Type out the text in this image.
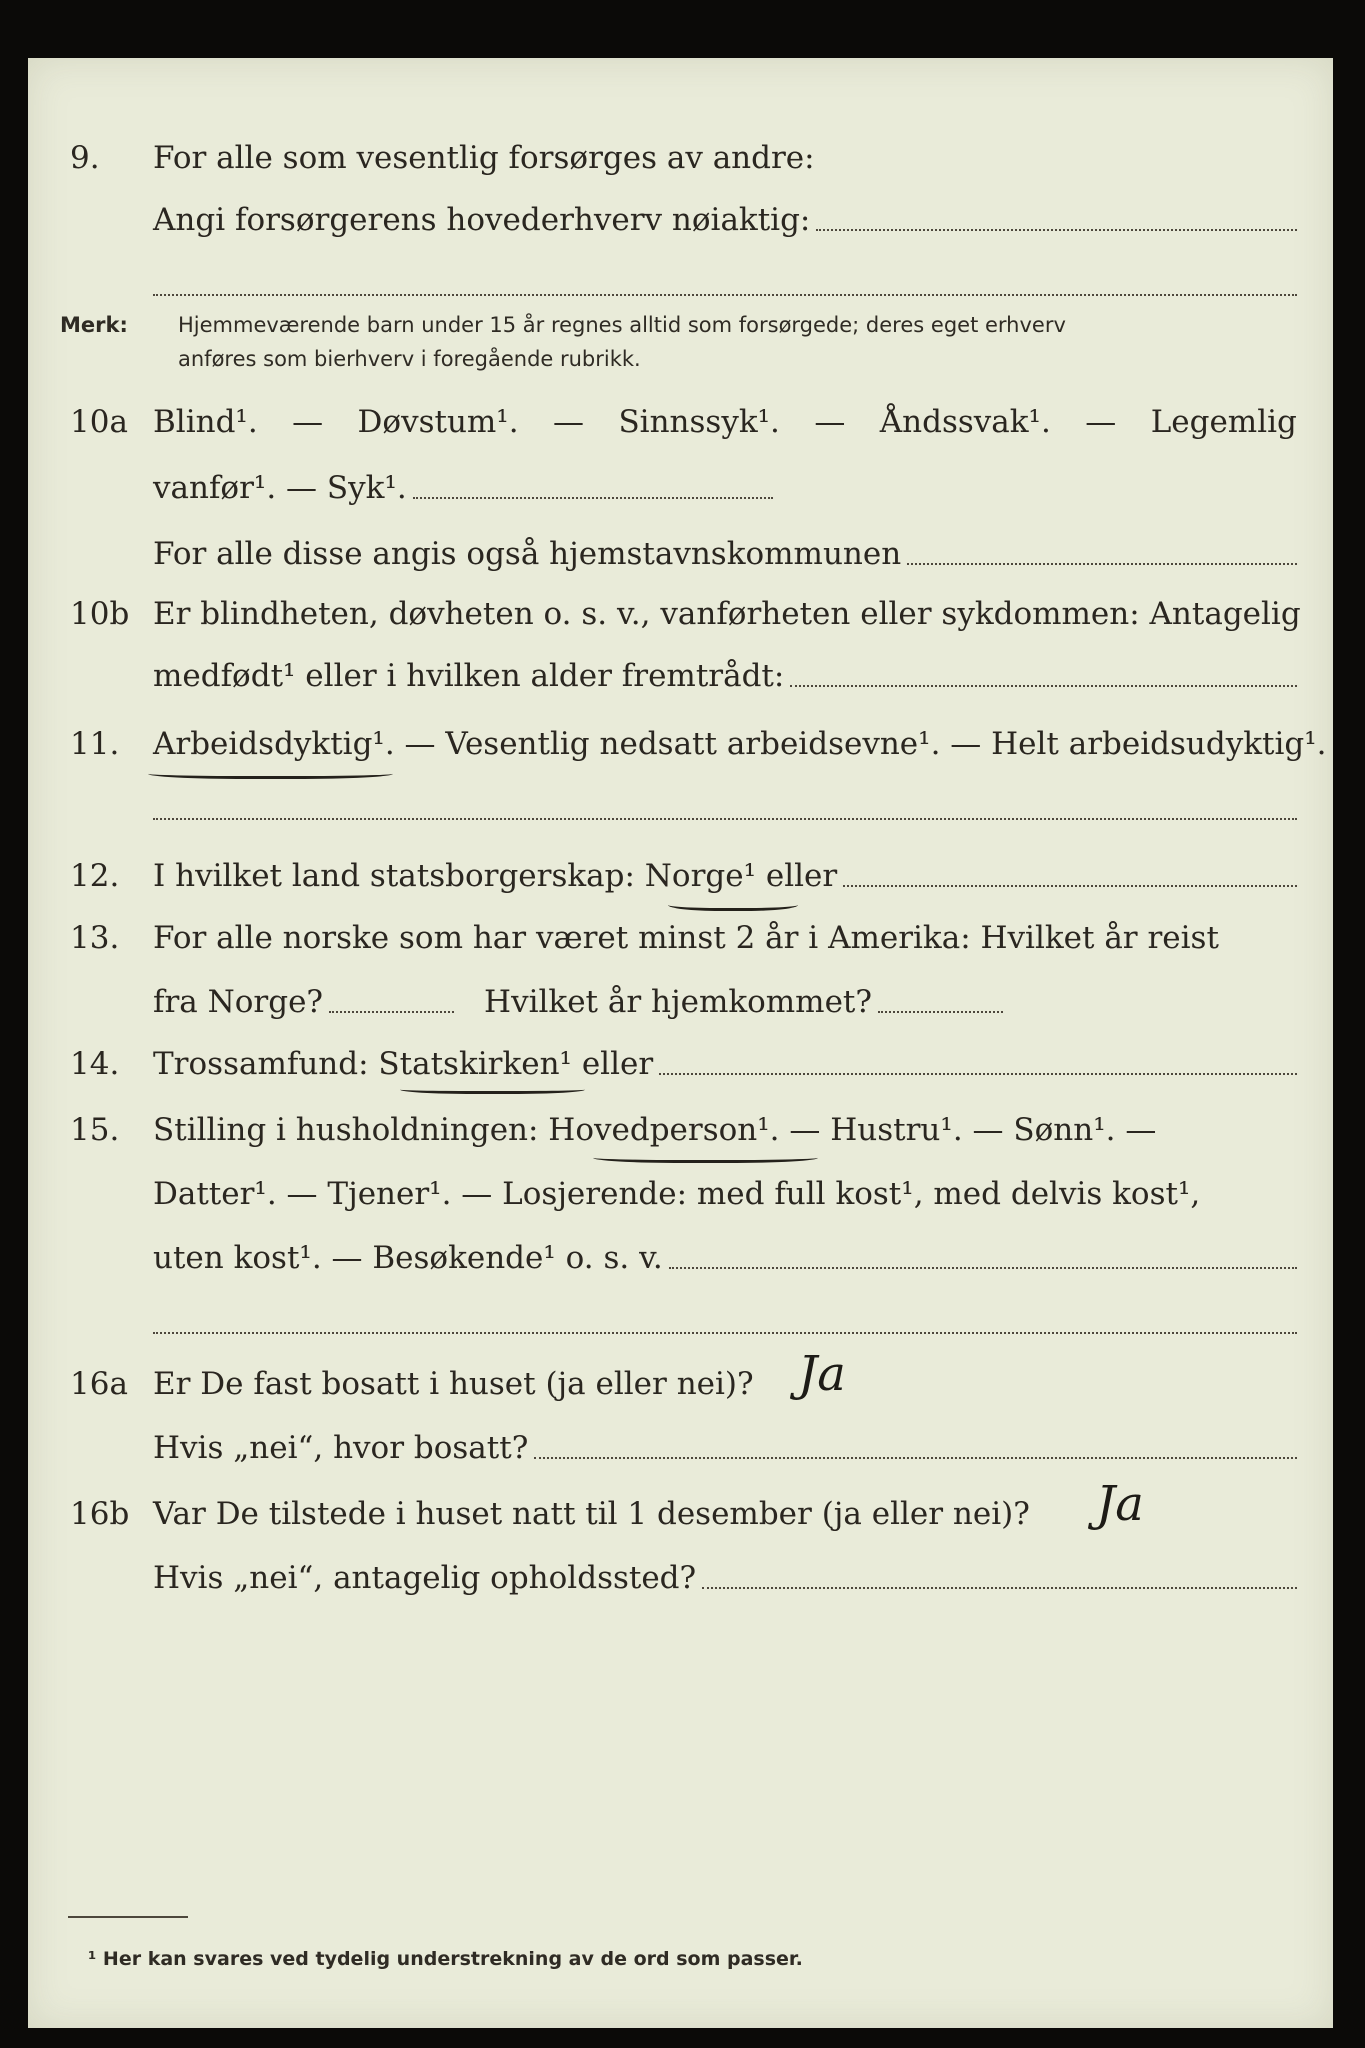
9.	For alle som vesentlig forsørges av andre:
Angi forsørgerens hovederhverv nøiaktig:
Merk: Hjemmeværende barn under 15 år regnes alltid som forsørgede; deres eget erhverv
anføres som bierhverv i foregående rubrikk.
10a Blind¹. — Døvstum¹. — Sinnssyk¹. — Åndssvak¹. — Legemlig
vanfør¹. — Syk¹.
For alle disse angis også hjemstavnskommunen
10b Er blindheten, døvheten o. s. v., vanførheten eller sykdommen: Antagelig
medfødt¹ eller i hvilken alder fremtrådt:
11.	Arbeidsdyktig¹. — Vesentlig nedsatt arbeidsevne¹. — Helt arbeidsudyktig¹.
12.	I hvilket land statsborgerskap: Norge¹ eller
13.	For alle norske som har været minst 2 år i Amerika: Hvilket år reist
fra Norge?	Hvilket år hjemkommet?
14.	Trossamfund: Statskirken¹ eller
15.	Stilling i husholdningen: Hovedperson¹. — Hustru¹. — Sønn¹. —
Datter¹. — Tjener¹. — Losjerende: med full kost¹, med delvis kost¹,
uten kost¹. — Besøkende¹ o. s. v.
16a Er De fast bosatt i huset (ja eller nei)? Ja
Hvis „nei“, hvor bosatt?
16b Var De tilstede i huset natt til 1 desember (ja eller nei)?	Ja
Hvis „nei“, antagelig opholdssted?
¹ Her kan svares ved tydelig understrekning av de ord som passer.
